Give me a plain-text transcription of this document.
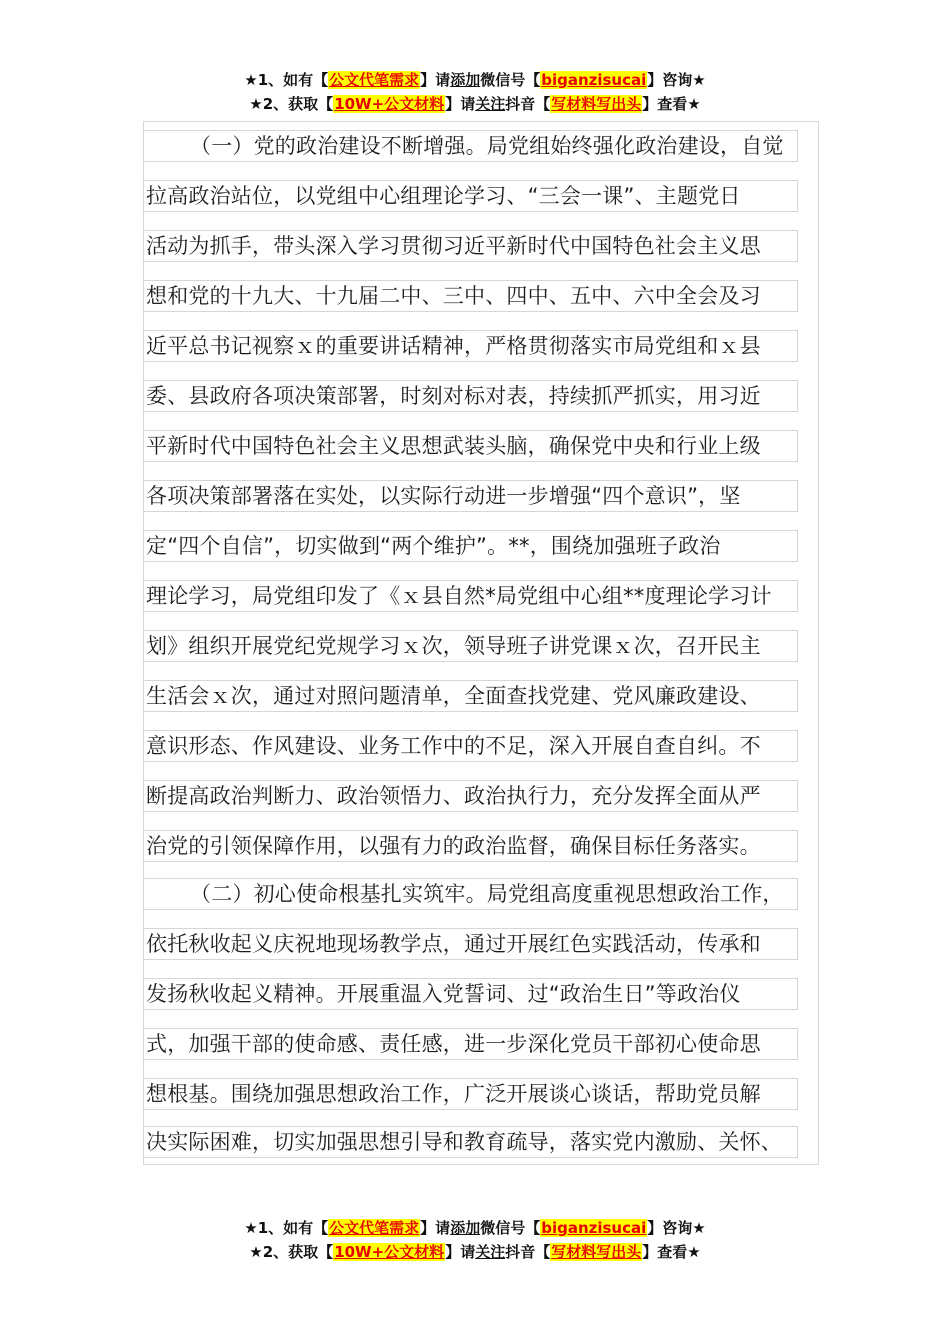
★1、如有【公文代笔需求】请添加微信号【biganzisucai】咨询★
★2、获取【10W+公文材料】请关注抖音【写材料写出头】查看★
（一）党的政治建设不断增强。局党组始终强化政治建设，自觉
拉高政治站位，以党组中心组理论学习、“三会一课”、主题党日
活动为抓手，带头深入学习贯彻习近平新时代中国特色社会主义思
想和党的十九大、十九届二中、三中、四中、五中、六中全会及习
近平总书记视察ｘ的重要讲话精神，严格贯彻落实市局党组和ｘ县
委、县政府各项决策部署，时刻对标对表，持续抓严抓实，用习近
平新时代中国特色社会主义思想武装头脑，确保党中央和行业上级
各项决策部署落在实处，以实际行动进一步增强“四个意识”，坚
定“四个自信”，切实做到“两个维护”。**，围绕加强班子政治
理论学习，局党组印发了《ｘ县自然*局党组中心组**度理论学习计
划》组织开展党纪党规学习ｘ次，领导班子讲党课ｘ次，召开民主
生活会ｘ次，通过对照问题清单，全面查找党建、党风廉政建设、
意识形态、作风建设、业务工作中的不足，深入开展自查自纠。不
断提高政治判断力、政治领悟力、政治执行力，充分发挥全面从严
治党的引领保障作用，以强有力的政治监督，确保目标任务落实。
（二）初心使命根基扎实筑牢。局党组高度重视思想政治工作，
依托秋收起义庆祝地现场教学点，通过开展红色实践活动，传承和
发扬秋收起义精神。开展重温入党誓词、过“政治生日”等政治仪
式，加强干部的使命感、责任感，进一步深化党员干部初心使命思
想根基。围绕加强思想政治工作，广泛开展谈心谈话，帮助党员解
决实际困难，切实加强思想引导和教育疏导，落实党内激励、关怀、
★1、如有【公文代笔需求】请添加微信号【biganzisucai】咨询★
★2、获取【10W+公文材料】请关注抖音【写材料写出头】查看★
